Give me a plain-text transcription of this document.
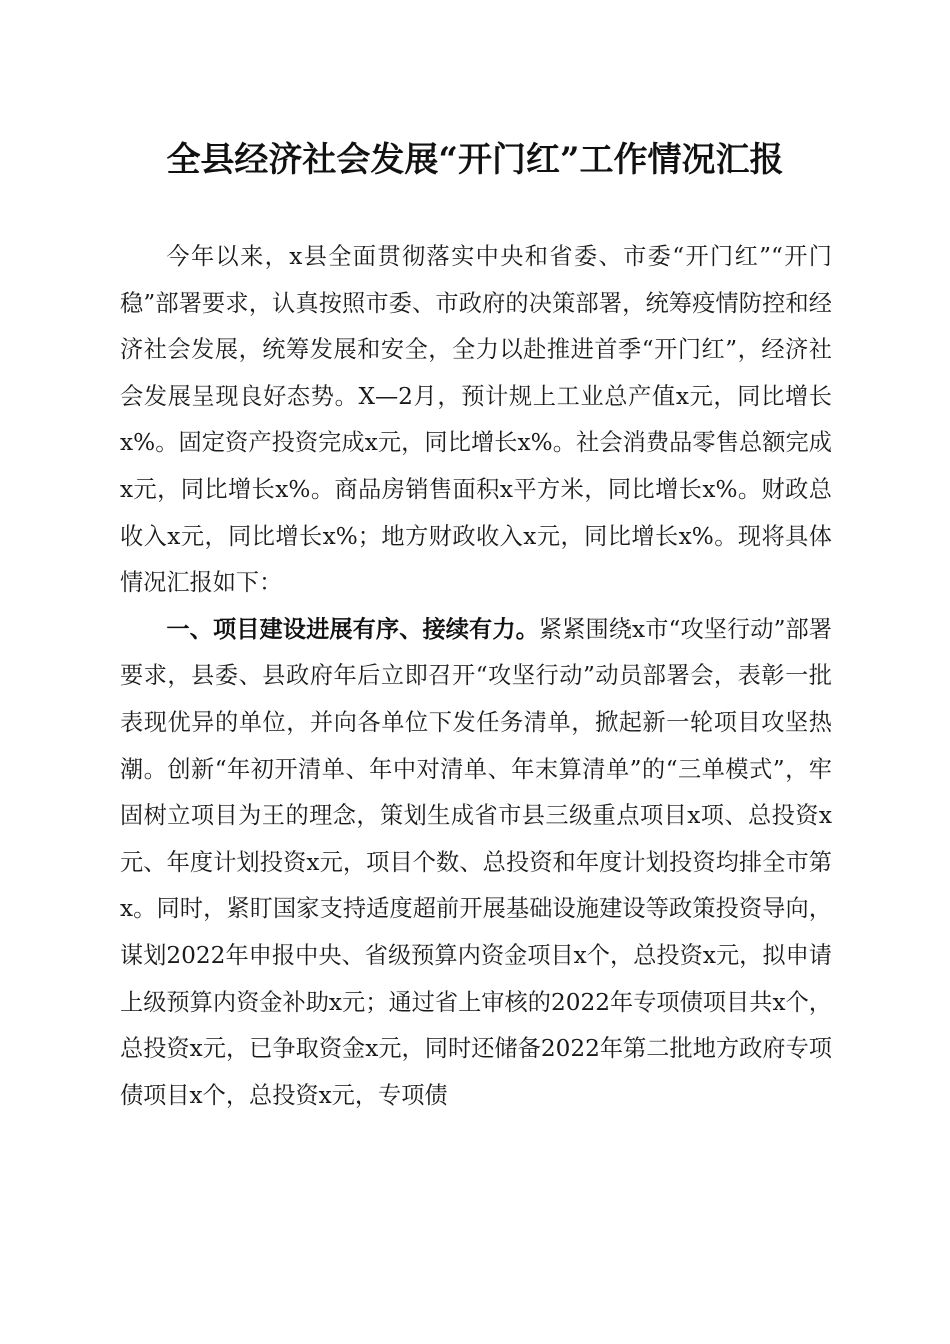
全县经济社会发展“开门红”工作情况汇报

今年以来，x县全面贯彻落实中央和省委、市委“开门红”“开门稳”部署要求，认真按照市委、市政府的决策部署，统筹疫情防控和经济社会发展，统筹发展和安全，全力以赴推进首季“开门红”，经济社会发展呈现良好态势。X—2月，预计规上工业总产值x元，同比增长x%。固定资产投资完成x元，同比增长x%。社会消费品零售总额完成x元，同比增长x%。商品房销售面积x平方米，同比增长x%。财政总收入x元，同比增长x%；地方财政收入x元，同比增长x%。现将具体情况汇报如下：

一、项目建设进展有序、接续有力。紧紧围绕x市“攻坚行动”部署要求，县委、县政府年后立即召开“攻坚行动”动员部署会，表彰一批表现优异的单位，并向各单位下发任务清单，掀起新一轮项目攻坚热潮。创新“年初开清单、年中对清单、年末算清单”的“三单模式”，牢固树立项目为王的理念，策划生成省市县三级重点项目x项、总投资x元、年度计划投资x元，项目个数、总投资和年度计划投资均排全市第x。同时，紧盯国家支持适度超前开展基础设施建设等政策投资导向，谋划2022年申报中央、省级预算内资金项目x个，总投资x元，拟申请上级预算内资金补助x元；通过省上审核的2022年专项债项目共x个，总投资x元，已争取资金x元，同时还储备2022年第二批地方政府专项债项目x个，总投资x元，专项债
